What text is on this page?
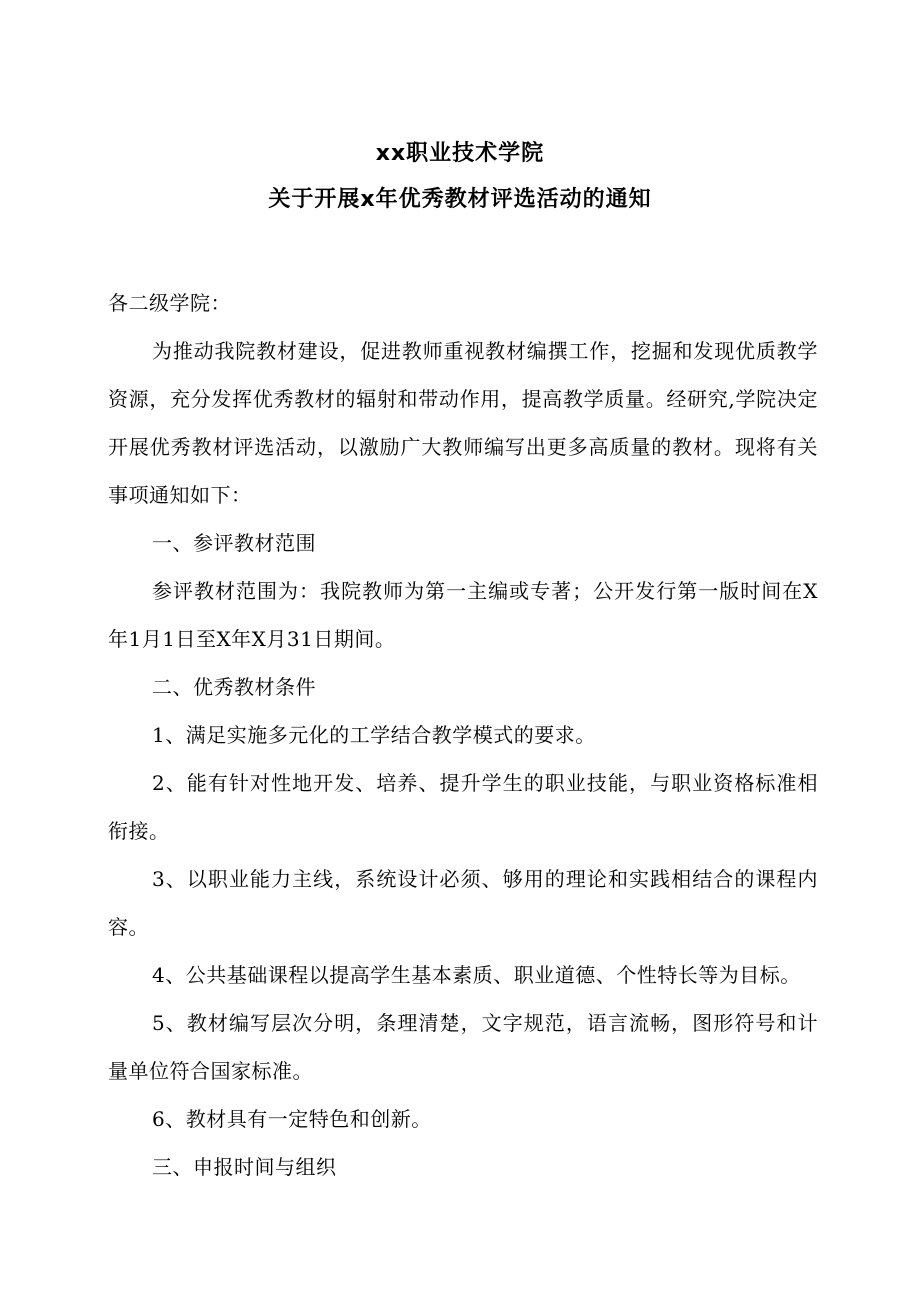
xx职业技术学院
关于开展x年优秀教材评选活动的通知

各二级学院：

为推动我院教材建设，促进教师重视教材编撰工作，挖掘和发现优质教学资源，充分发挥优秀教材的辐射和带动作用，提高教学质量。经研究,学院决定开展优秀教材评选活动，以激励广大教师编写出更多高质量的教材。现将有关事项通知如下：

一、参评教材范围

参评教材范围为：我院教师为第一主编或专著；公开发行第一版时间在X年1月1日至X年X月31日期间。

二、优秀教材条件

1、满足实施多元化的工学结合教学模式的要求。

2、能有针对性地开发、培养、提升学生的职业技能，与职业资格标准相衔接。

3、以职业能力主线，系统设计必须、够用的理论和实践相结合的课程内容。

4、公共基础课程以提高学生基本素质、职业道德、个性特长等为目标。

5、教材编写层次分明，条理清楚，文字规范，语言流畅，图形符号和计量单位符合国家标准。

6、教材具有一定特色和创新。

三、申报时间与组织
